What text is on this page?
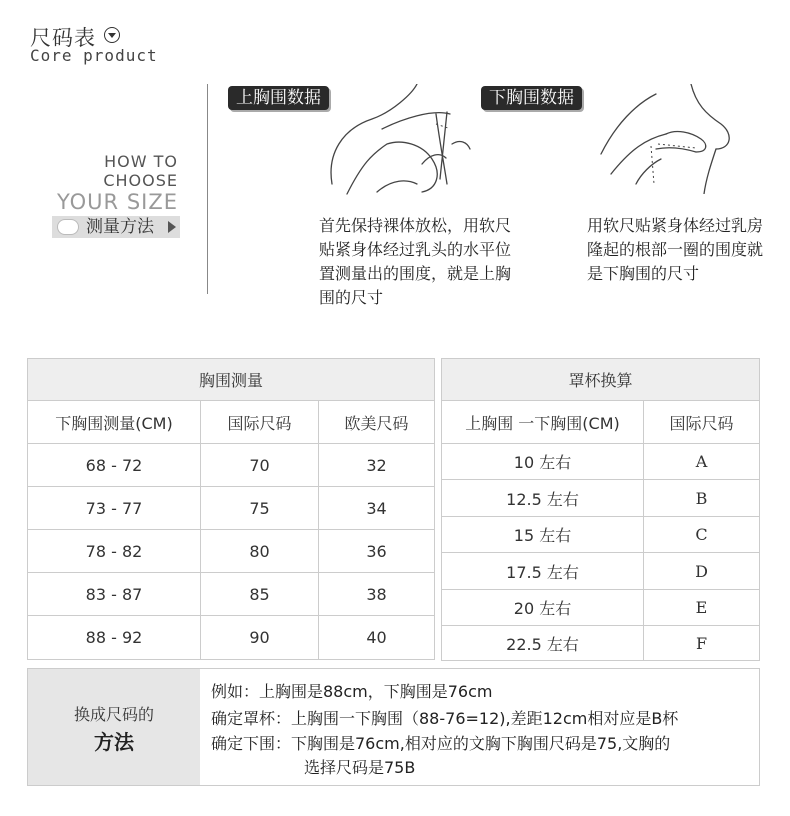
尺码表
Core product
HOW TO
CHOOSE
YOUR SIZE
测量方法
上胸围数据
首先保持裸体放松，用软尺贴紧身体经过乳头的水平位置测量出的围度，就是上胸围的尺寸
下胸围数据
用软尺贴紧身体经过乳房隆起的根部一圈的围度就是下胸围的尺寸
胸围测量		
下胸围测量(CM)	国际尺码	欧美尺码
68 - 72	70	32
73 - 77	75	34
78 - 82	80	36
83 - 87	85	38
88 - 92	90	40
罩杯换算	
上胸围 一下胸围(CM)	国际尺码
10 左右	A
12.5 左右	B
15 左右	C
17.5 左右	D
20 左右	E
22.5 左右	F
换成尺码的
方法
例如：上胸围是88cm，下胸围是76cm
确定罩杯：上胸围一下胸围（88-76=12),差距12cm相对应是B杯
确定下围：下胸围是76cm,相对应的文胸下胸围尺码是75,文胸的
选择尺码是75B
